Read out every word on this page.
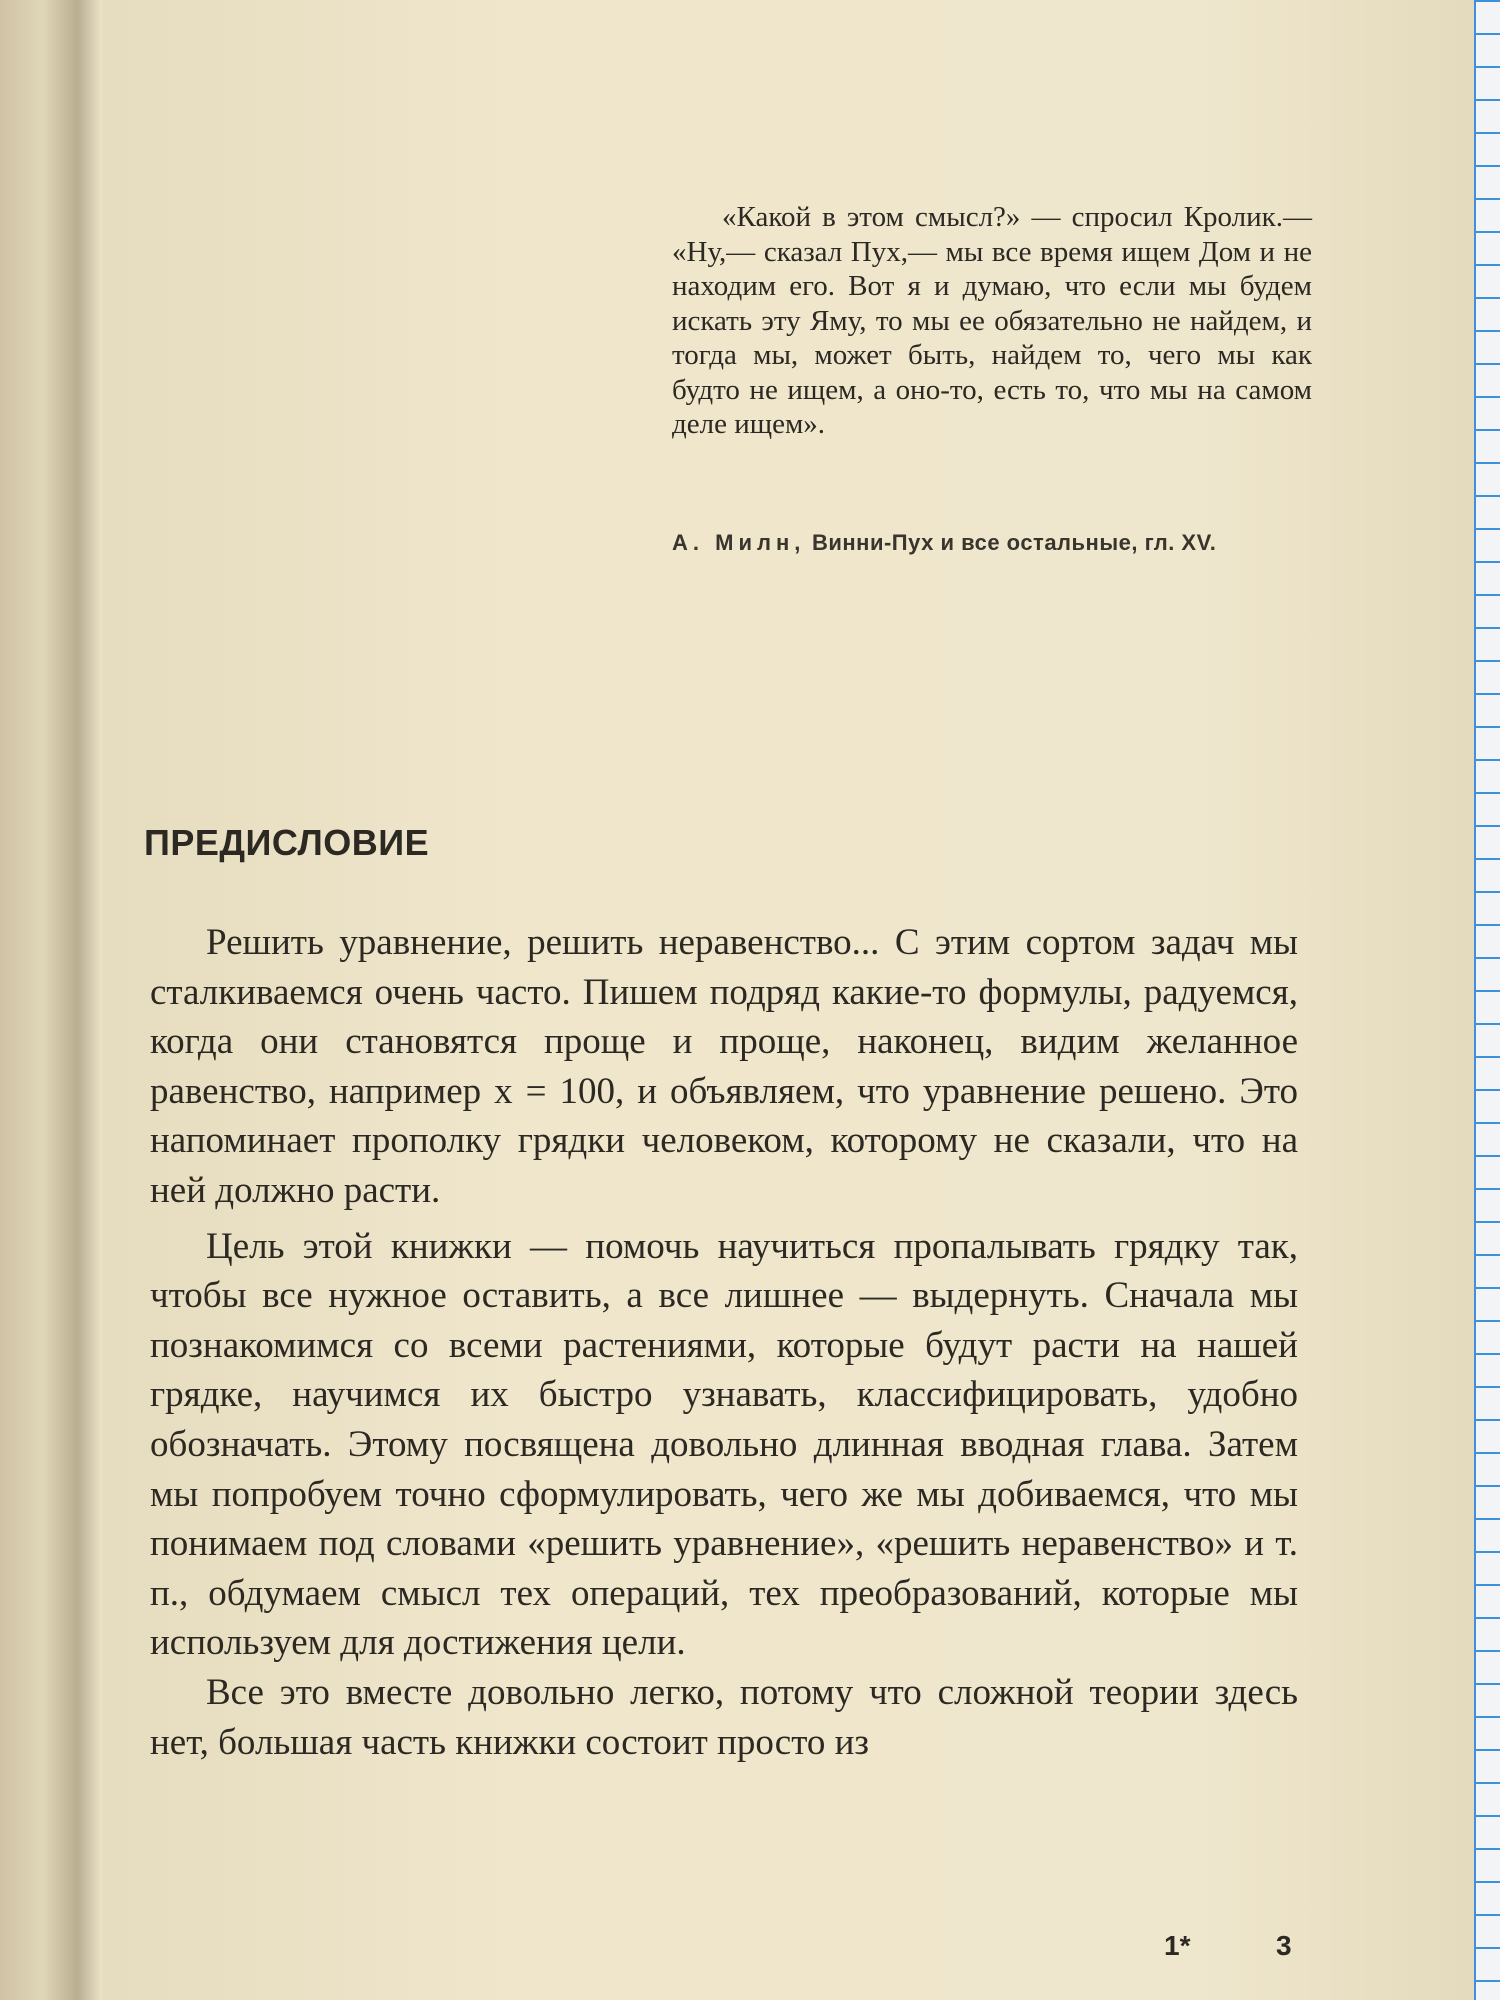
«Какой в этом смысл?» — спросил Кролик.— «Ну,— сказал Пух,— мы все время ищем Дом и не находим его. Вот я и думаю, что если мы будем искать эту Яму, то мы ее обязательно не найдем, и тогда мы, может быть, найдем то, чего мы как будто не ищем, а оно-то, есть то, что мы на самом деле ищем».

А. Милн, Винни-Пух и все остальные, гл. XV.
ПРЕДИСЛОВИЕ

Решить уравнение, решить неравенство... С этим сортом задач мы сталкиваемся очень часто. Пишем подряд какие-то формулы, радуемся, когда они становятся проще и проще, наконец, видим желанное равенство, например x = 100, и объявляем, что уравнение решено. Это напоминает прополку грядки человеком, которому не сказали, что на ней должно расти.

Цель этой книжки — помочь научиться пропалывать грядку так, чтобы все нужное оставить, а все лишнее — выдернуть. Сначала мы познакомимся со всеми растениями, которые будут расти на нашей грядке, научимся их быстро узнавать, классифицировать, удобно обозначать. Этому посвящена довольно длинная вводная глава. Затем мы попробуем точно сформулировать, чего же мы добиваемся, что мы понимаем под словами «решить уравнение», «решить неравенство» и т. п., обдумаем смысл тех операций, тех преобразований, которые мы используем для достижения цели.

Все это вместе довольно легко, потому что сложной теории здесь нет, большая часть книжки состоит просто из

1*	3
